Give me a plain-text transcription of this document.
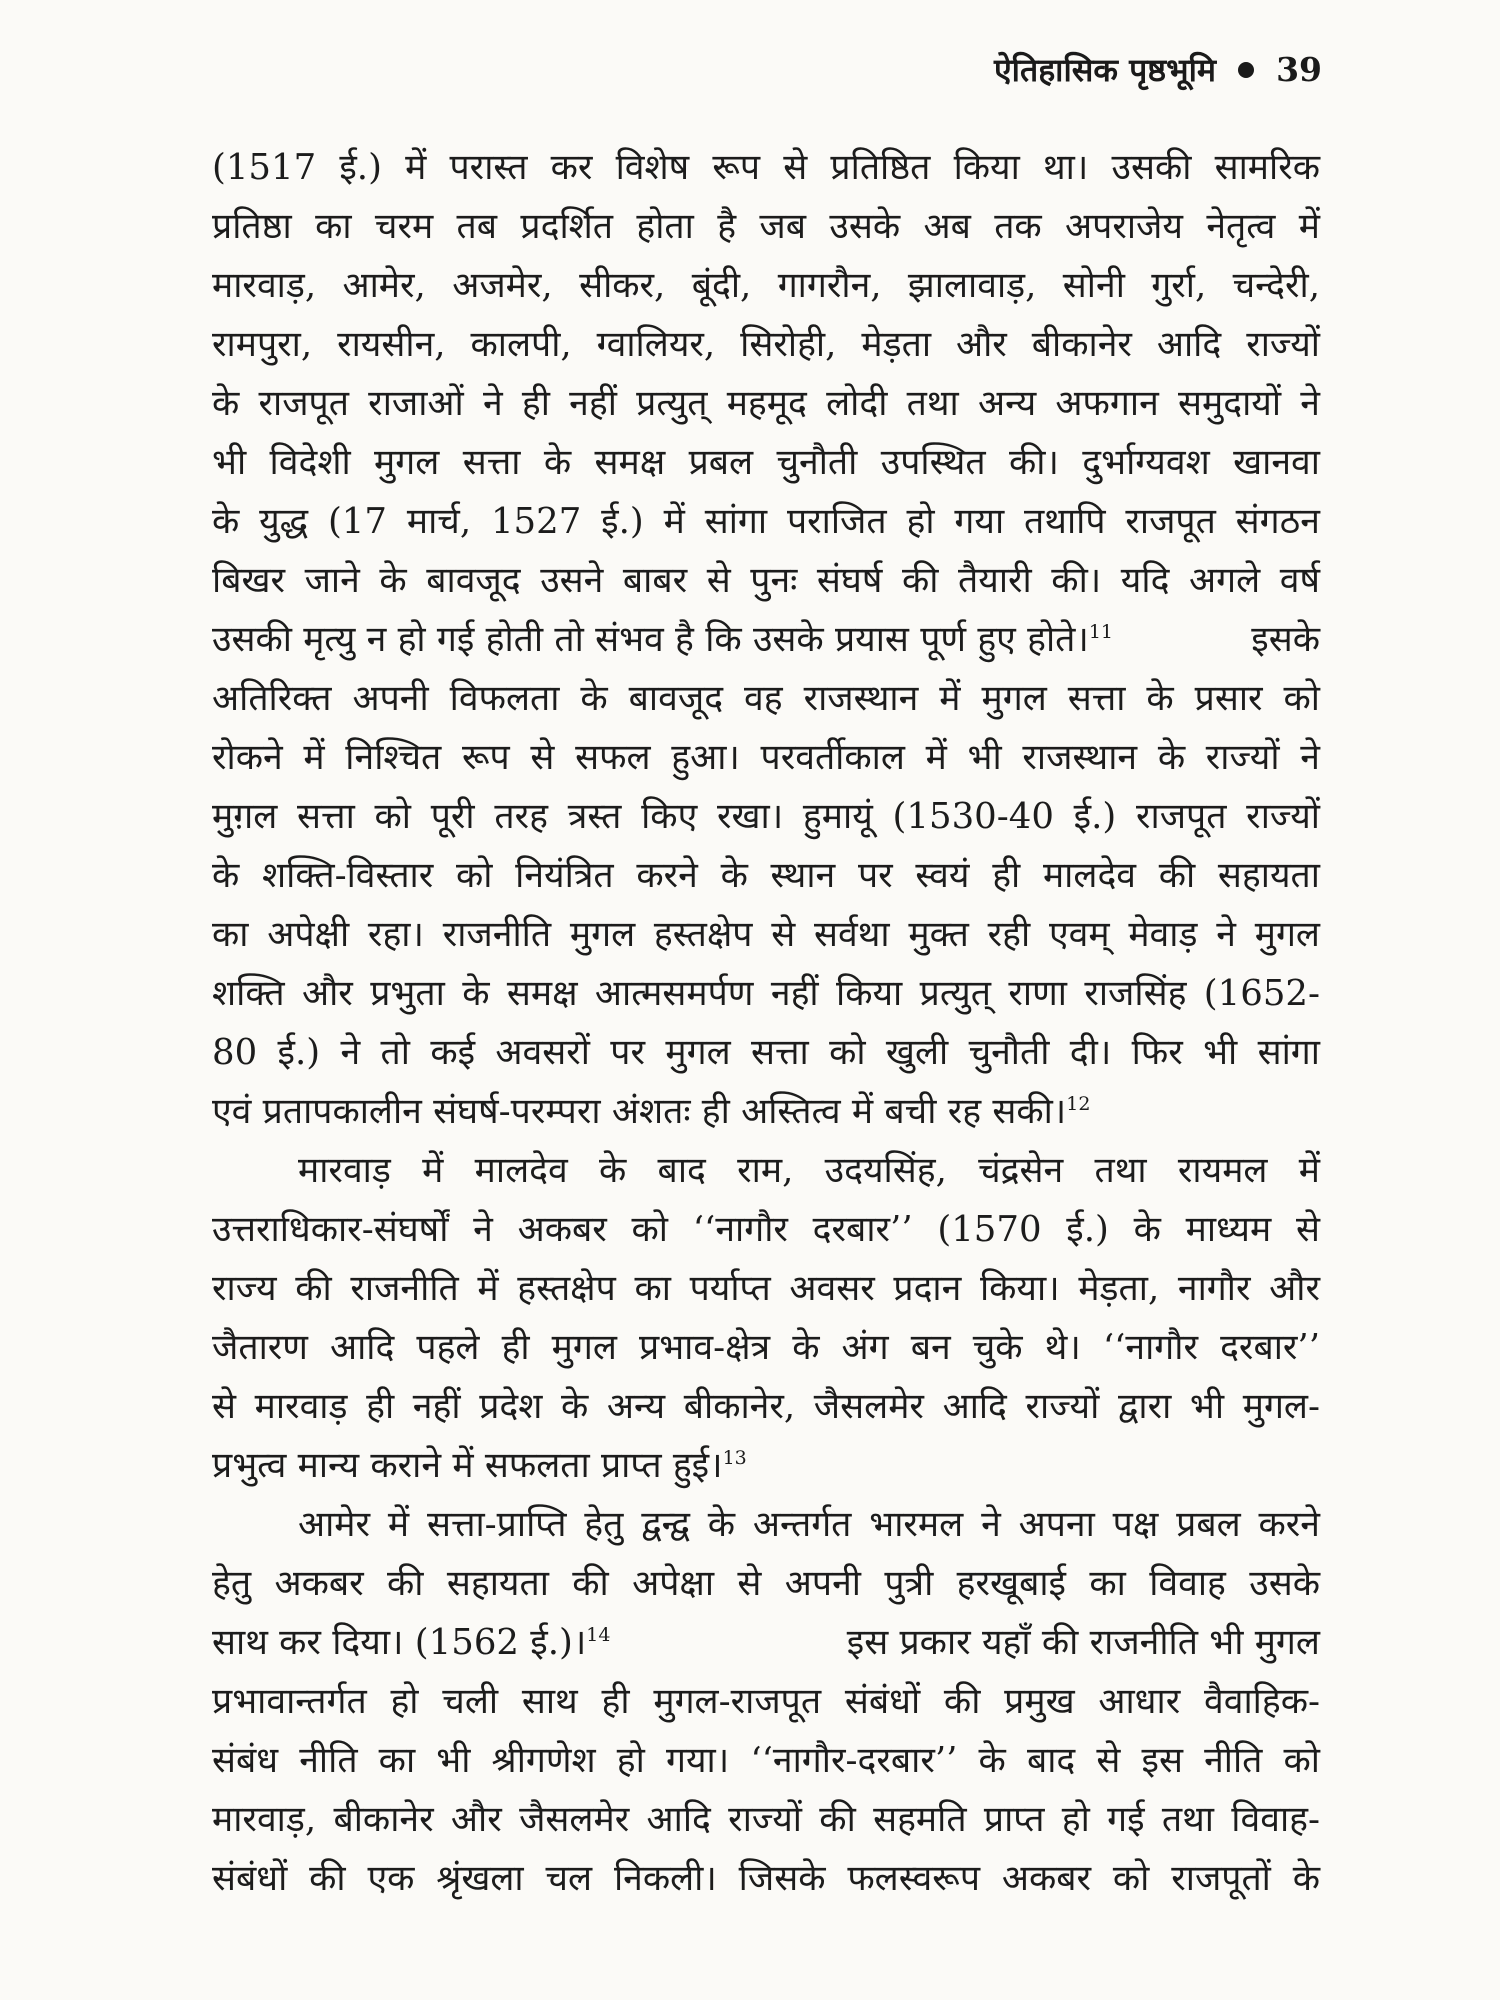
ऐतिहासिक पृष्ठभूमि 39
(1517 ई.) में परास्त कर विशेष रूप से प्रतिष्ठित किया था। उसकी सामरिक
प्रतिष्ठा का चरम तब प्रदर्शित होता है जब उसके अब तक अपराजेय नेतृत्व में
मारवाड़, आमेर, अजमेर, सीकर, बूंदी, गागरौन, झालावाड़, सोनी गुर्रा, चन्देरी,
रामपुरा, रायसीन, कालपी, ग्वालियर, सिरोही, मेड़ता और बीकानेर आदि राज्यों
के राजपूत राजाओं ने ही नहीं प्रत्युत् महमूद लोदी तथा अन्य अफगान समुदायों ने
भी विदेशी मुगल सत्ता के समक्ष प्रबल चुनौती उपस्थित की। दुर्भाग्यवश खानवा
के युद्ध (17 मार्च, 1527 ई.) में सांगा पराजित हो गया तथापि राजपूत संगठन
बिखर जाने के बावजूद उसने बाबर से पुनः संघर्ष की तैयारी की। यदि अगले वर्ष
उसकी मृत्यु न हो गई होती तो संभव है कि उसके प्रयास पूर्ण हुए होते।$^{11}$	इसके
अतिरिक्त अपनी विफलता के बावजूद वह राजस्थान में मुगल सत्ता के प्रसार को
रोकने में निश्चित रूप से सफल हुआ। परवर्तीकाल में भी राजस्थान के राज्यों ने
मुग़ल सत्ता को पूरी तरह त्रस्त किए रखा। हुमायूं (1530-40 ई.) राजपूत राज्यों
के शक्ति-विस्तार को नियंत्रित करने के स्थान पर स्वयं ही मालदेव की सहायता
का अपेक्षी रहा। राजनीति मुगल हस्तक्षेप से सर्वथा मुक्त रही एवम् मेवाड़ ने मुगल
शक्ति और प्रभुता के समक्ष आत्मसमर्पण नहीं किया प्रत्युत् राणा राजसिंह (1652-
80 ई.) ने तो कई अवसरों पर मुगल सत्ता को खुली चुनौती दी। फिर भी सांगा
एवं प्रतापकालीन संघर्ष-परम्परा अंशतः ही अस्तित्व में बची रह सकी।$^{12}$
मारवाड़ में मालदेव के बाद राम, उदयसिंह, चंद्रसेन तथा रायमल में
उत्तराधिकार-संघर्षों ने अकबर को ‘‘नागौर दरबार’’ (1570 ई.) के माध्यम से
राज्य की राजनीति में हस्तक्षेप का पर्याप्त अवसर प्रदान किया। मेड़ता, नागौर और
जैतारण आदि पहले ही मुगल प्रभाव-क्षेत्र के अंग बन चुके थे। ‘‘नागौर दरबार’’
से मारवाड़ ही नहीं प्रदेश के अन्य बीकानेर, जैसलमेर आदि राज्यों द्वारा भी मुगल-
प्रभुत्व मान्य कराने में सफलता प्राप्त हुई।$^{13}$
आमेर में सत्ता-प्राप्ति हेतु द्वन्द्व के अन्तर्गत भारमल ने अपना पक्ष प्रबल करने
हेतु अकबर की सहायता की अपेक्षा से अपनी पुत्री हरखूबाई का विवाह उसके
साथ कर दिया। (1562 ई.)।$^{14}$	इस प्रकार यहाँ की राजनीति भी मुगल
प्रभावान्तर्गत हो चली साथ ही मुगल-राजपूत संबंधों की प्रमुख आधार वैवाहिक-
संबंध नीति का भी श्रीगणेश हो गया। ‘‘नागौर-दरबार’’ के बाद से इस नीति को
मारवाड़, बीकानेर और जैसलमेर आदि राज्यों की सहमति प्राप्त हो गई तथा विवाह-
संबंधों की एक श्रृंखला चल निकली। जिसके फलस्वरूप अकबर को राजपूतों के
